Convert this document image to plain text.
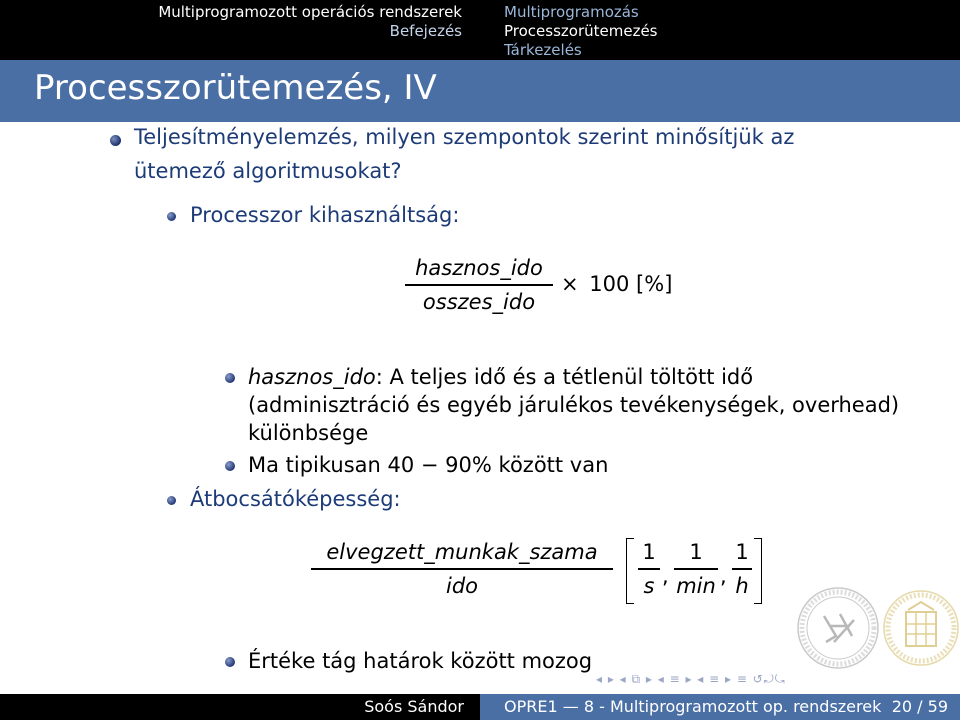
Multiprogramozott operációs rendszerek
Befejezés
Multiprogramozás
Processzorütemezés
Tárkezelés
Processzorütemezés, IV
Teljesítményelemzés, milyen szempontok szerint minősítjük az
ütemező algoritmusokat?
Processzor kihasználtság:
hasznos_ido
osszes_ido
× 100 [%]
hasznos_ido: A teljes idő és a tétlenül töltött idő
(adminisztráció és egyéb járulékos tevékenységek, overhead)
különbsége
Ma tipikusan 40 − 90% között van
Átbocsátóképesség:
elvegzett_munkak_szama
ido
1
s ,
1
min ,
1
h
Értéke tág határok között mozog
◂ ▸ ◂ ⧉ ▸ ◂ ≡ ▸ ◂ ≡ ▸ ≡ ↺⤾⤿
Soós Sándor	OPRE1 — 8 - Multiprogramozott op. rendszerek 20 / 59
